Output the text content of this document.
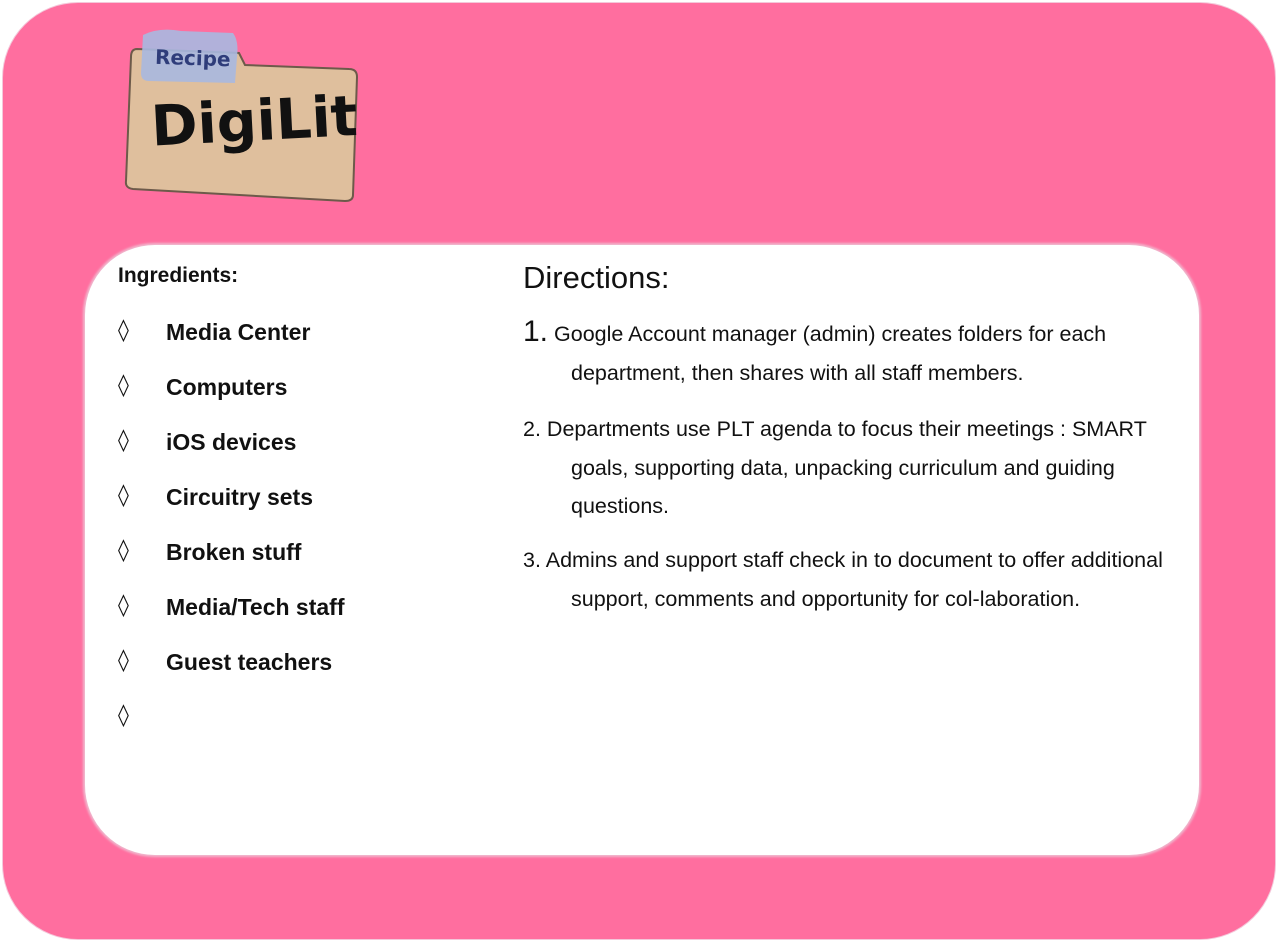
Recipe
DigiLit
Ingredients:
◊ Media Center
◊ Computers
◊ iOS devices
◊ Circuitry sets
◊ Broken stuff
◊ Media/Tech staff
◊ Guest teachers
◊
Directions:
1. Google Account manager (admin) creates folders for each department, then shares with all staff members.
2. Departments use PLT agenda to focus their meetings : SMART goals, supporting data, unpacking curriculum and guiding questions.
3. Admins and support staff check in to document to offer additional support, comments and opportunity for col-laboration.
